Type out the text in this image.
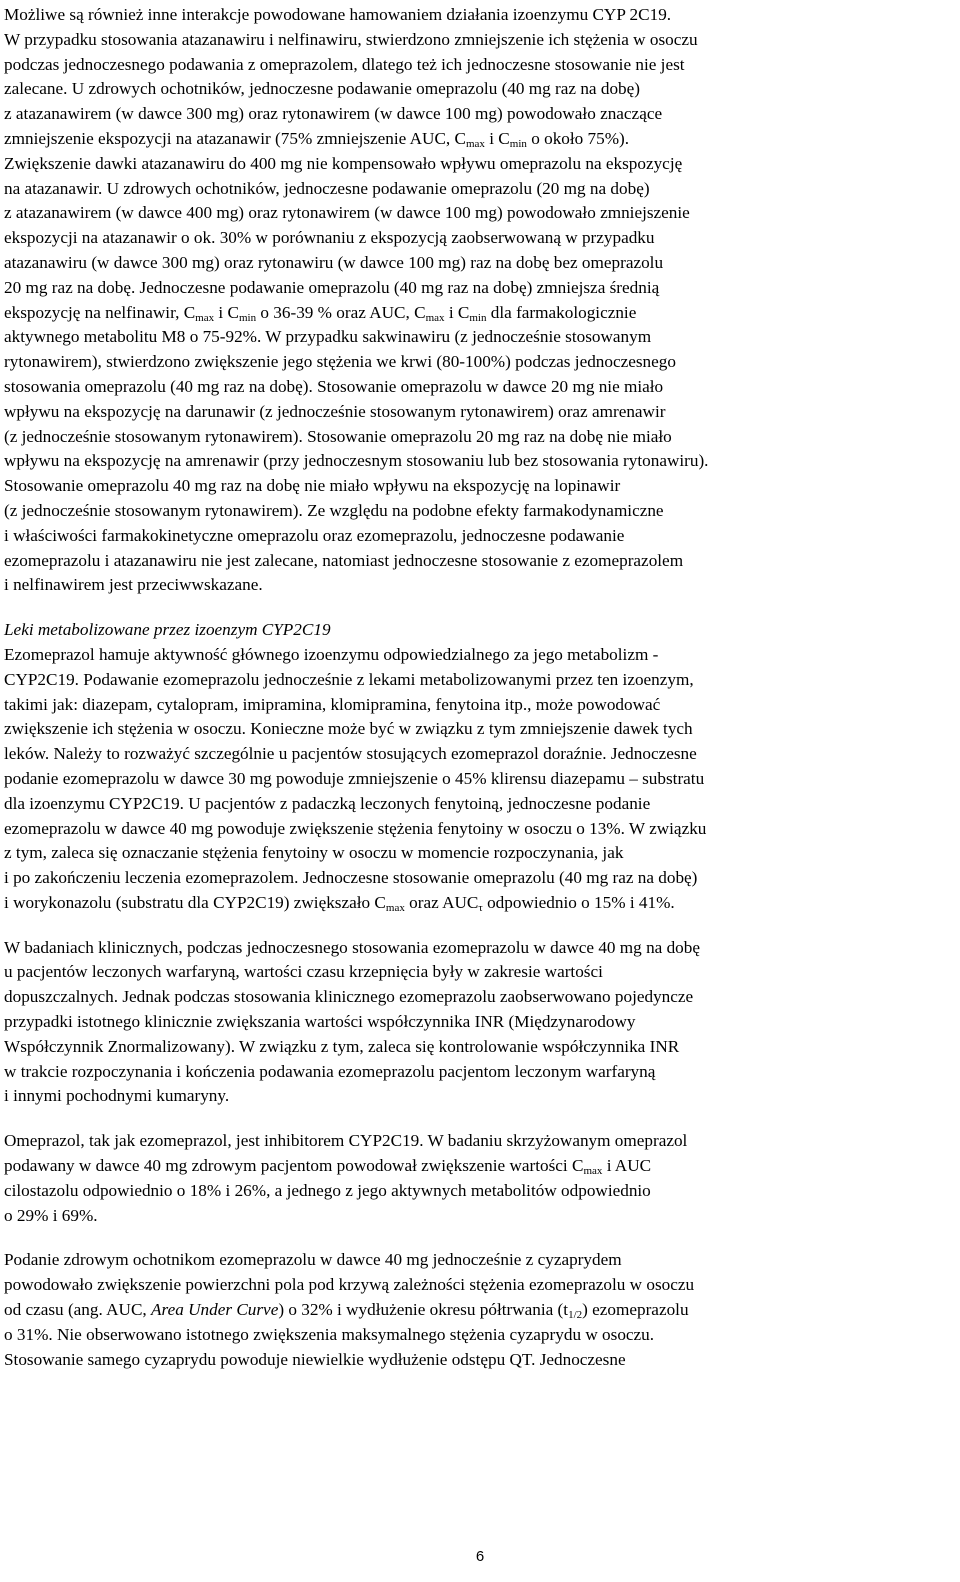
Możliwe są również inne interakcje powodowane hamowaniem działania izoenzymu CYP 2C19.
W przypadku stosowania atazanawiru i nelfinawiru, stwierdzono zmniejszenie ich stężenia w osoczu
podczas jednoczesnego podawania z omeprazolem, dlatego też ich jednoczesne stosowanie nie jest
zalecane. U zdrowych ochotników, jednoczesne podawanie omeprazolu (40 mg raz na dobę)
z atazanawirem (w dawce 300 mg) oraz rytonawirem (w dawce 100 mg) powodowało znaczące
zmniejszenie ekspozycji na atazanawir (75% zmniejszenie AUC, $C_{max}$ i $C_{min}$ o około 75%).
Zwiększenie dawki atazanawiru do 400 mg nie kompensowało wpływu omeprazolu na ekspozycję
na atazanawir. U zdrowych ochotników, jednoczesne podawanie omeprazolu (20 mg na dobę)
z atazanawirem (w dawce 400 mg) oraz rytonawirem (w dawce 100 mg) powodowało zmniejszenie
ekspozycji na atazanawir o ok. 30% w porównaniu z ekspozycją zaobserwowaną w przypadku
atazanawiru (w dawce 300 mg) oraz rytonawiru (w dawce 100 mg) raz na dobę bez omeprazolu
20 mg raz na dobę. Jednoczesne podawanie omeprazolu (40 mg raz na dobę) zmniejsza średnią
ekspozycję na nelfinawir, $C_{max}$ i $C_{min}$ o 36-39 % oraz AUC, $C_{max}$ i $C_{min}$ dla farmakologicznie
aktywnego metabolitu M8 o 75-92%. W przypadku sakwinawiru (z jednocześnie stosowanym
rytonawirem), stwierdzono zwiększenie jego stężenia we krwi (80-100%) podczas jednoczesnego
stosowania omeprazolu (40 mg raz na dobę). Stosowanie omeprazolu w dawce 20 mg nie miało
wpływu na ekspozycję na darunawir (z jednocześnie stosowanym rytonawirem) oraz amrenawir
(z jednocześnie stosowanym rytonawirem). Stosowanie omeprazolu 20 mg raz na dobę nie miało
wpływu na ekspozycję na amrenawir (przy jednoczesnym stosowaniu lub bez stosowania rytonawiru).
Stosowanie omeprazolu 40 mg raz na dobę nie miało wpływu na ekspozycję na lopinawir
(z jednocześnie stosowanym rytonawirem). Ze względu na podobne efekty farmakodynamiczne
i właściwości farmakokinetyczne omeprazolu oraz ezomeprazolu, jednoczesne podawanie
ezomeprazolu i atazanawiru nie jest zalecane, natomiast jednoczesne stosowanie z ezomeprazolem
i nelfinawirem jest przeciwwskazane.
Leki metabolizowane przez izoenzym CYP2C19
Ezomeprazol hamuje aktywność głównego izoenzymu odpowiedzialnego za jego metabolizm -
CYP2C19. Podawanie ezomeprazolu jednocześnie z lekami metabolizowanymi przez ten izoenzym,
takimi jak: diazepam, cytalopram, imipramina, klomipramina, fenytoina itp., może powodować
zwiększenie ich stężenia w osoczu. Konieczne może być w związku z tym zmniejszenie dawek tych
leków. Należy to rozważyć szczególnie u pacjentów stosujących ezomeprazol doraźnie. Jednoczesne
podanie ezomeprazolu w dawce 30 mg powoduje zmniejszenie o 45% klirensu diazepamu – substratu
dla izoenzymu CYP2C19. U pacjentów z padaczką leczonych fenytoiną, jednoczesne podanie
ezomeprazolu w dawce 40 mg powoduje zwiększenie stężenia fenytoiny w osoczu o 13%. W związku
z tym, zaleca się oznaczanie stężenia fenytoiny w osoczu w momencie rozpoczynania, jak
i po zakończeniu leczenia ezomeprazolem. Jednoczesne stosowanie omeprazolu (40 mg raz na dobę)
i worykonazolu (substratu dla CYP2C19) zwiększało $C_{max}$ oraz $AUC_\tau$ odpowiednio o 15% i 41%.
W badaniach klinicznych, podczas jednoczesnego stosowania ezomeprazolu w dawce 40 mg na dobę
u pacjentów leczonych warfaryną, wartości czasu krzepnięcia były w zakresie wartości
dopuszczalnych. Jednak podczas stosowania klinicznego ezomeprazolu zaobserwowano pojedyncze
przypadki istotnego klinicznie zwiększania wartości współczynnika INR (Międzynarodowy
Współczynnik Znormalizowany). W związku z tym, zaleca się kontrolowanie współczynnika INR
w trakcie rozpoczynania i kończenia podawania ezomeprazolu pacjentom leczonym warfaryną
i innymi pochodnymi kumaryny.
Omeprazol, tak jak ezomeprazol, jest inhibitorem CYP2C19. W badaniu skrzyżowanym omeprazol
podawany w dawce 40 mg zdrowym pacjentom powodował zwiększenie wartości $C_{max}$ i AUC
cilostazolu odpowiednio o 18% i 26%, a jednego z jego aktywnych metabolitów odpowiednio
o 29% i 69%.
Podanie zdrowym ochotnikom ezomeprazolu w dawce 40 mg jednocześnie z cyzaprydem
powodowało zwiększenie powierzchni pola pod krzywą zależności stężenia ezomeprazolu w osoczu
od czasu (ang. AUC, Area Under Curve) o 32% i wydłużenie okresu półtrwania $(t_{1/2})$ ezomeprazolu
o 31%. Nie obserwowano istotnego zwiększenia maksymalnego stężenia cyzaprydu w osoczu.
Stosowanie samego cyzaprydu powoduje niewielkie wydłużenie odstępu QT. Jednoczesne
6
